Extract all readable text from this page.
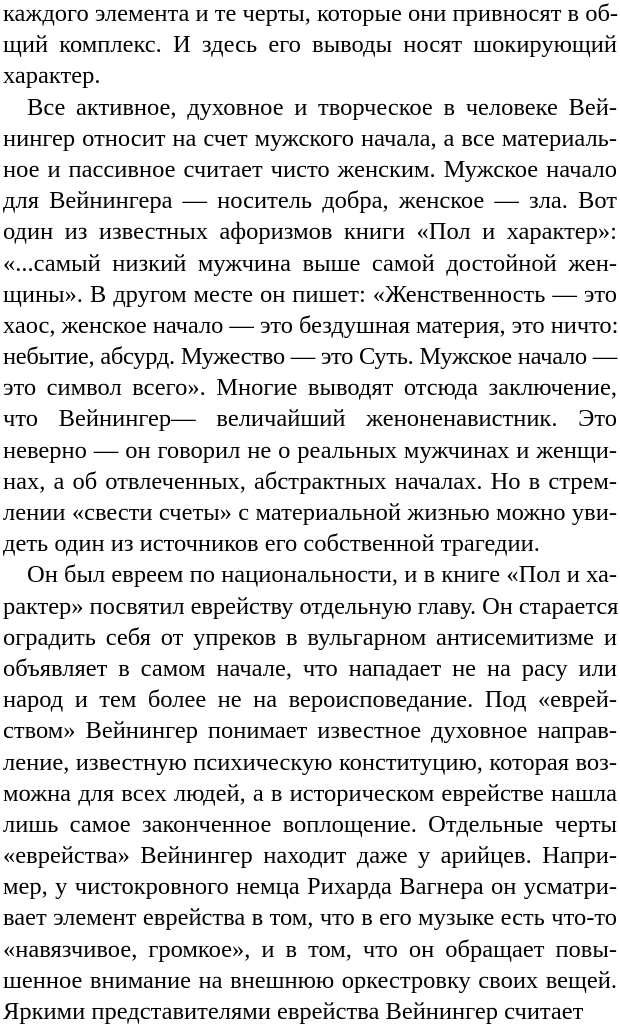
каждого элемента и те черты, которые они привносят в об-
щий комплекс. И здесь его выводы носят шокирующий
характер.
Все активное, духовное и творческое в человеке Вей-
нингер относит на счет мужского начала, а все материаль-
ное и пассивное считает чисто женским. Мужское начало
для Вейнингера — носитель добра, женское — зла. Вот
один из известных афоризмов книги «Пол и характер»:
«...самый низкий мужчина выше самой достойной жен-
щины». В другом месте он пишет: «Женственность — это
хаос, женское начало — это бездушная материя, это ничто:
небытие, абсурд. Мужество — это Суть. Мужское начало —
это символ всего». Многие выводят отсюда заключение,
что Вейнингер— величайший женоненавистник. Это
неверно — он говорил не о реальных мужчинах и женщи-
нах, а об отвлеченных, абстрактных началах. Но в стрем-
лении «свести счеты» с материальной жизнью можно уви-
деть один из источников его собственной трагедии.
Он был евреем по национальности, и в книге «Пол и ха-
рактер» посвятил еврейству отдельную главу. Он старается
оградить себя от упреков в вульгарном антисемитизме и
объявляет в самом начале, что нападает не на расу или
народ и тем более не на вероисповедание. Под «еврей-
ством» Вейнингер понимает известное духовное направ-
ление, известную психическую конституцию, которая воз-
можна для всех людей, а в историческом еврействе нашла
лишь самое законченное воплощение. Отдельные черты
«еврейства» Вейнингер находит даже у арийцев. Напри-
мер, у чистокровного немца Рихарда Вагнера он усматри-
вает элемент еврейства в том, что в его музыке есть что-то
«навязчивое, громкое», и в том, что он обращает повы-
шенное внимание на внешнюю оркестровку своих вещей.
Яркими представителями еврейства Вейнингер считает
